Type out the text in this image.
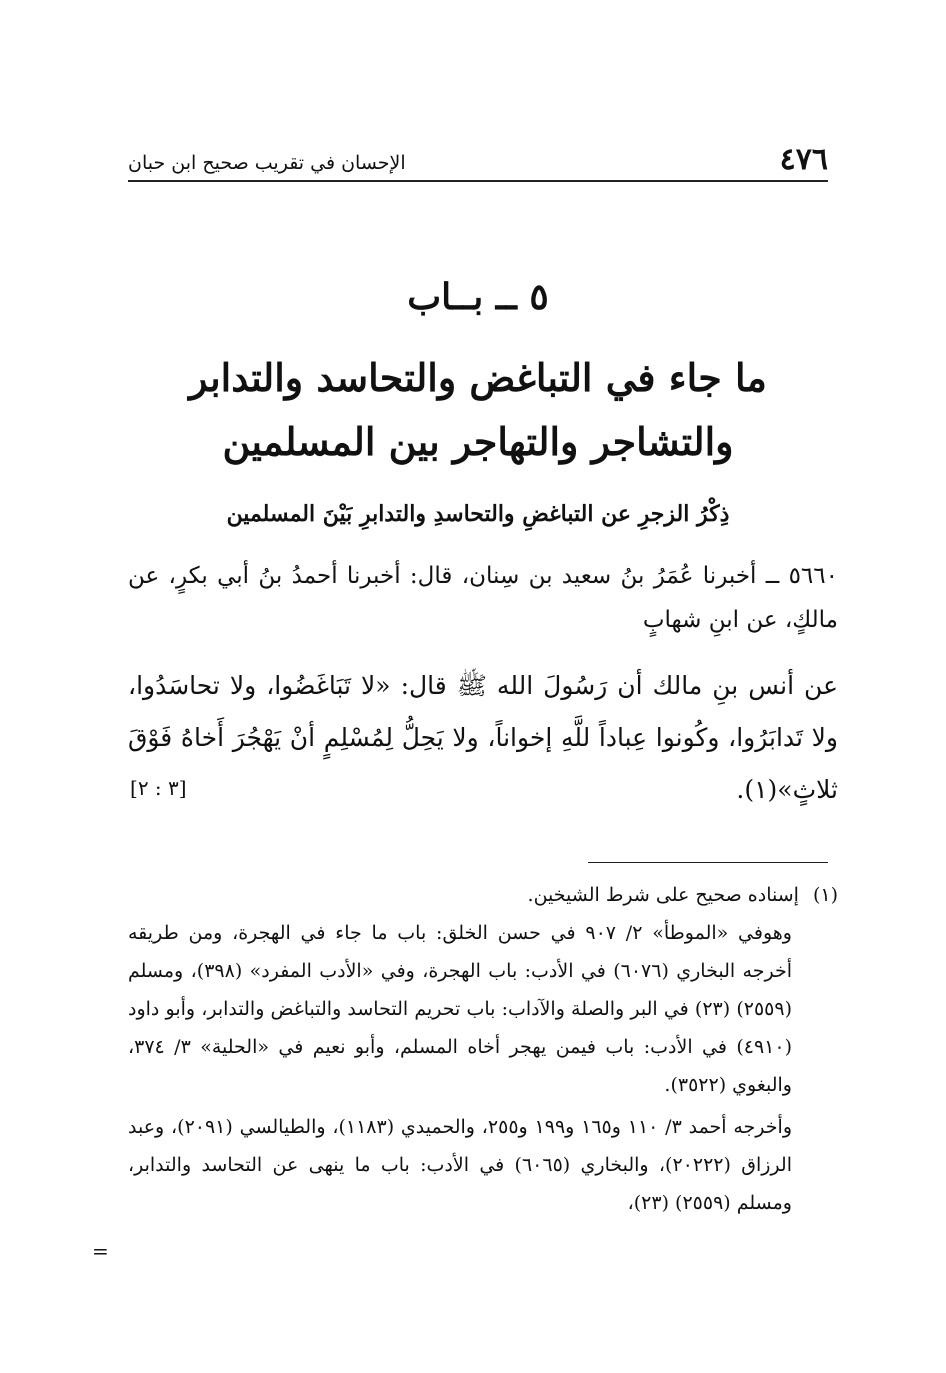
٤٧٦
الإحسان في تقريب صحيح ابن حبان
٥ ــ بــاب
ما جاء في التباغض والتحاسد والتدابر
والتشاجر والتهاجر بين المسلمين
ذِكْرُ الزجرِ عن التباغضِ والتحاسدِ والتدابرِ بَيْنَ المسلمين
٥٦٦٠ ــ أخبرنا عُمَرُ بنُ سعيد بن سِنان، قال: أخبرنا أحمدُ بنُ أبي بكرٍ، عن مالكٍ، عن ابنِ شهابٍ
عن أنس بنِ مالك أن رَسُولَ الله ﷺ قال: «لا تَبَاغَضُوا، ولا تحاسَدُوا، ولا تَدابَرُوا، وكُونوا عِباداً للَّهِ إخواناً، ولا يَحِلُّ لِمُسْلِمٍ أنْ يَهْجُرَ أَخاهُ فَوْقَ ثلاثٍ»(١).
[٣ : ٢]
(١)
إسناده صحيح على شرط الشيخين.

وهوفي «الموطأ» ٢/ ٩٠٧ في حسن الخلق: باب ما جاء في الهجرة، ومن طريقه أخرجه البخاري (٦٠٧٦) في الأدب: باب الهجرة، وفي «الأدب المفرد» (٣٩٨)، ومسلم (٢٥٥٩) (٢٣) في البر والصلة والآداب: باب تحريم التحاسد والتباغض والتدابر، وأبو داود (٤٩١٠) في الأدب: باب فيمن يهجر أخاه المسلم، وأبو نعيم في «الحلية» ٣/ ٣٧٤، والبغوي (٣٥٢٢).

وأخرجه أحمد ٣/ ١١٠ و١٦٥ و١٩٩ و٢٥٥، والحميدي (١١٨٣)، والطيالسي (٢٠٩١)، وعبد الرزاق (٢٠٢٢٢)، والبخاري (٦٠٦٥) في الأدب: باب ما ينهى عن التحاسد والتدابر، ومسلم (٢٥٥٩) (٢٣)،

=
